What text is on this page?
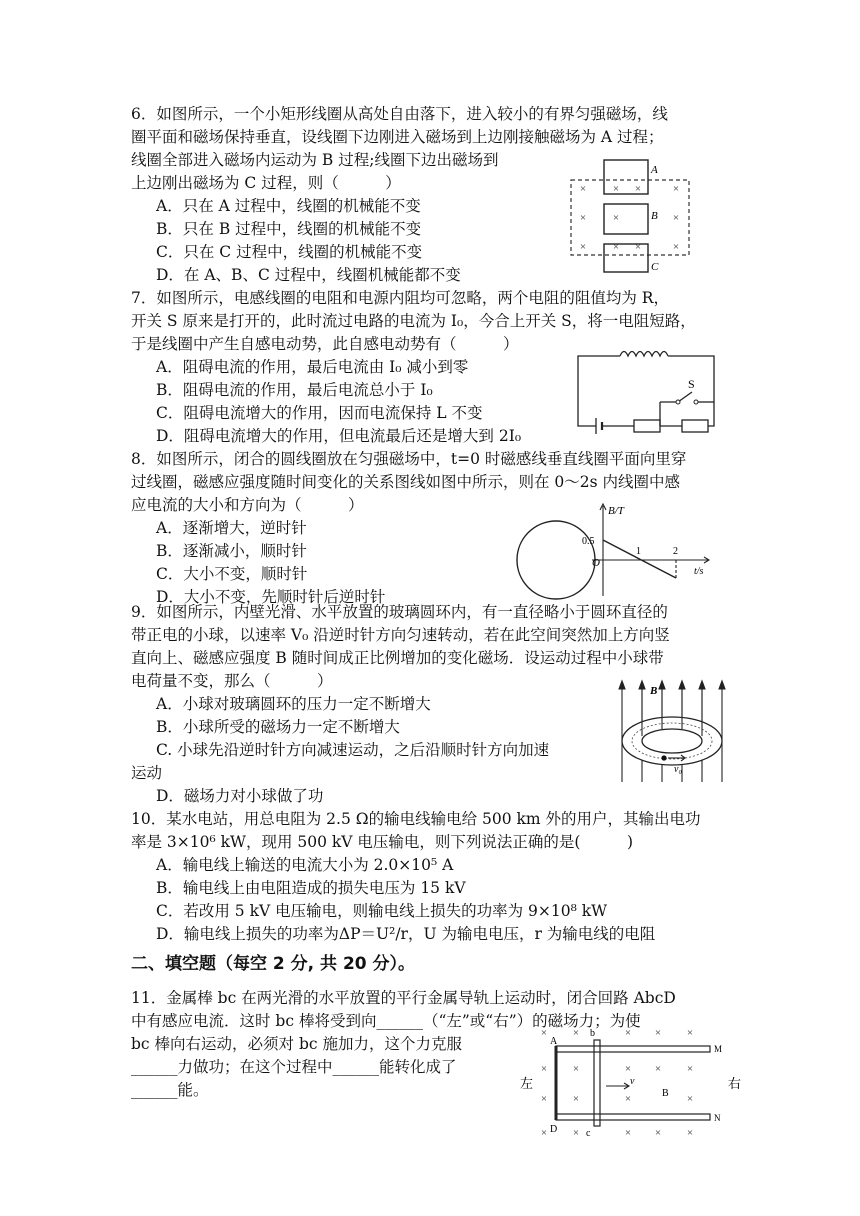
6．如图所示，一个小矩形线圈从高处自由落下，进入较小的有界匀强磁场，线
圈平面和磁场保持垂直，设线圈下边刚进入磁场到上边刚接触磁场为 A 过程；
线圈全部进入磁场内运动为 B 过程;线圈下边出磁场到
上边刚出磁场为 C 过程，则（　　　）
A．只在 A 过程中，线圈的机械能不变
B．只在 B 过程中，线圈的机械能不变
C．只在 C 过程中，线圈的机械能不变
D．在 A、B、C 过程中，线圈机械能都不变
× × ×	×
× ×	×
× × ×	×
A
B
C
7．如图所示，电感线圈的电阻和电源内阻均可忽略，两个电阻的阻值均为 R，
开关 S 原来是打开的，此时流过电路的电流为 I₀，今合上开关 S，将一电阻短路，
于是线圈中产生自感电动势，此自感电动势有（　　　）
A．阻碍电流的作用，最后电流由 I₀ 减小到零
B．阻碍电流的作用，最后电流总小于 I₀
C．阻碍电流增大的作用，因而电流保持 L 不变
D．阻碍电流增大的作用，但电流最后还是增大到 2I₀
S
8．如图所示，闭合的圆线圈放在匀强磁场中，t=0 时磁感线垂直线圈平面向里穿
过线圈，磁感应强度随时间变化的关系图线如图中所示，则在 0～2s 内线圈中感
应电流的大小和方向为（　　　）
A．逐渐增大，逆时针
B．逐渐减小，顺时针
C．大小不变，顺时针
D．大小不变，先顺时针后逆时针
B/T
t/s
O
0.5
1	2
9．如图所示，内壁光滑、水平放置的玻璃圆环内，有一直径略小于圆环直径的
带正电的小球，以速率 V₀ 沿逆时针方向匀速转动，若在此空间突然加上方向竖
直向上、磁感应强度 B 随时间成正比例增加的变化磁场．设运动过程中小球带
电荷量不变，那么（　　　）
A．小球对玻璃圆环的压力一定不断增大
B．小球所受的磁场力一定不断增大
C. 小球先沿逆时针方向减速运动，之后沿顺时针方向加速
运动
D．磁场力对小球做了功
B
v₀
10．某水电站，用总电阻为 2.5 Ω的输电线输电给 500 km 外的用户，其输出电功
率是 3×10⁶ kW，现用 500 kV 电压输电，则下列说法正确的是(　　　)
A．输电线上输送的电流大小为 2.0×10⁵ A
B．输电线上由电阻造成的损失电压为 15 kV
C．若改用 5 kV 电压输电，则输电线上损失的功率为 9×10⁸ kW
D．输电线上损失的功率为ΔP＝U²/r，U 为输电电压，r 为输电线的电阻
二、填空题（每空 2 分, 共 20 分）。
11．金属棒 bc 在两光滑的水平放置的平行金属导轨上运动时，闭合回路 AbcD
中有感应电流．这时 bc 棒将受到向______（“左”或“右”）的磁场力；为使
bc 棒向右运动，必须对 bc 施加力，这个力克服
______力做功；在这个过程中______能转化成了
______能。
× ×	× × ×
× ×	× × ×
× ×	×	×
× ×	× × ×
左	右
A
b
M
B
v
D	c
N
